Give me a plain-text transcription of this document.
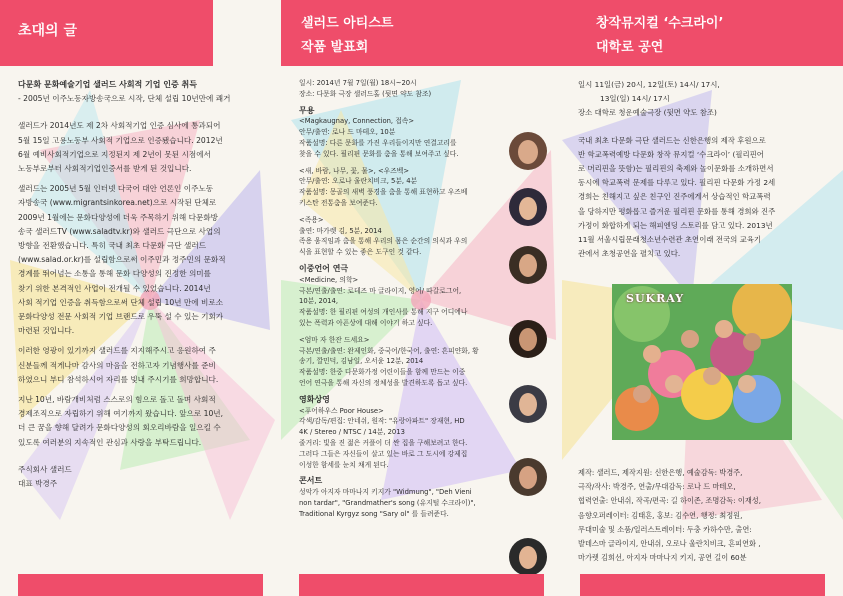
초대의 글

다문화 문화예술기업 샐러드 사회적 기업 인증 취득

- 2005년 이주노동자방송국으로 시작, 단체 설립 10년만에 쾌거

샐러드가 2014년도 제 2차 사회적기업 인증 심사에 통과되어

5월 15일 고용노동부 사회적 기업으로 인증됐습니다. 2012년

6월 예비사회적기업으로 지정된지 제 2년이 못된 시점에서

노동부로부터 사회적기업인증서를 받게 된 것입니다.

샐러드는 2005년 5월 인터넷 다국어 대안 언론인 이주노동

자방송국 (www.migrantsinkorea.net)으로 시작된 단체로

2009년 1월에는 문화다양성에 더욱 주목하기 위해 다문화방

송국 샐러드TV (www.saladtv.kr)와 샐러드 극단으로 사업의

방향을 전환했습니다. 특히 국내 최초 다문화 극단 샐러드

(www.salad.or.kr)를 설립함으로써 이주민과 정주민의 문화적

경계를 뛰어넘는 소통을 통해 문화 다양성의 진정한 의미를

찾기 위한 본격적인 사업이 전개될 수 있었습니다. 2014년

사회 적기업 인증을 취득함으로써 단체 설립 10년 만에 비로소

문화다양성 전문 사회적 기업 브랜드로 우뚝 설 수 있는 기회가

마련된 것입니다.

이러한 영광이 있기까지 샐러드를 지지해주시고 응원하여 주

신분들께 적게나마 감사의 마음을 전하고자 기념행사를 준비

하였으니 부디 참석하시어 자리를 빛내 주시기를 희망합니다.

지난 10년, 바람개비처럼 스스로의 힘으로 돌고 돌며 사회적

경제조직으로 자립하기 위해 여기까지 왔습니다. 앞으로 10년,

더 큰 꿈을 향해 달려가 문화다양성의 회오리바람을 일으킬 수

있도록 여러분의 지속적인 관심과 사랑을 부탁드립니다.

주식회사 샐러드

대표 박경주

샐러드 아티스트
작품 발표회

일시: 2014년 7월 7일(월) 18시~20시

장소: 다문화 극장 샐러드홀 (뒷면 약도 참조)

무용

<Magkaugnay, Connection, 접속>

안무/출연: 로나 드 마테오, 10분

작품설명: 다른 문화를 가진 우리들이지만 연결고리를

찾을 수 있다. 필리핀 문화를 춤을 통해 보여주고 싶다.

<새, 바람, 나무, 꽃, 물>, <우즈벡>

안무/출연: 오로나 울란치비크, 5분, 4분

작품설명: 몽골의 새벽 풍경을 춤을 통해 표현하고 우즈베

키스탄 전통춤을 보여준다.

<족용>

출연: 마가렛 김, 5분, 2014

족용 움직임과 춤을 통해 우리의 몸은 순간의 의식과 우의

식을 표현할 수 있는 좋은 도구인 것 같다.

이중언어 연극

<Medicine, 의학>

극본/연출/출연: 로데즈 마 글라이지, 영어/ 따갈로그어,

10분, 2014,

작품설명: 한 필리핀 여성의 개인사를 통해 지구 어디에나

있는 폭력과 아픈상에 대해 이야기 하고 싶다.

<엄마 자 한잔 드세요>

극본/연출/출연: 완제인화, 중국어/한국어, 출연: 흔피얀화, 황

송기, 깔민덕, 김남일, 오서윤 12분, 2014

작품설명: 한중 다문화가정 어린이들을 함께 만드는 이중

언어 연극을 통해 자신의 정체성을 발견하도록 돕고 싶다.

영화상영

<푸어하우스 Poor House>

각색/감독/편집: 안네쉬, 원작: "유랑아파트" 장재현, HD

4K / Stereo / NTSC / 14분, 2013

줄거리: 빛을 진 젊은 커플이 더 싼 집을 구해보려고 한다.

그러다 그들은 자신들이 살고 있는 바로 그 도시에 강제집

이성한 함세를 눈치 채게 된다.

콘서트

성악가 아지자 마마나지 키지가 "Widmung", "Deh Vieni

non tardar", "Grandmather's song (유지털 수크라이)",

Traditional Kyrgyz song "Sary ol" 를 들려준다.

창작뮤지컬 ‘수크라이’
대학로 공연

일시 11일(금) 20시, 12일(토) 14시/ 17시,

13일(일) 14시/ 17시

장소 대학로 청운예술극장 (뒷면 약도 참조)

국내 최초 다문화 극단 샐러드는 신한은행의 제작 후원으로

반 학교폭력예방 다문화 창작 뮤지컬 ‘수크라이’ (필리핀어

로 머리핀을 뜻함)는 필리핀의 축제와 놀이문화를 소개하면서

동시에 학교폭력 문제를 다루고 있다. 필리핀 다문화 가정 2세

경희는 친해지고 싶은 친구인 진주에게서 상습적인 학교폭력

을 당하지만 평화롭고 즐겨운 필리핀 문화를 통해 경희와 진주

가정이 화합하게 되는 해피엔딩 스토리를 담고 있다. 2013년

11월 서울시립문래청소년수련관 초연이래 전국의 교육기

관에서 초청공연을 펼치고 있다.

SUKRAY

제작: 샐러드, 제작지원: 신한은행, 예술감독: 박경주,

극작/작사: 박경주, 연출/무대감독: 로나 드 마테오,

협력연출: 안내쉬, 작곡/편곡: 길 하이존, 조명감독: 이재성,

음향오퍼레이터: 김태흔, 홍보: 김수연, 행정: 최정원,

무대미술 및 소품/일러스트레이터: 두충 카하수만, 출연:

발데스마 글라이지, 안내쉬, 오로나 울란치비크, 흔피연화 ,

마가렛 김희선, 아지자 마마나지 키지, 공연 길이 60분
